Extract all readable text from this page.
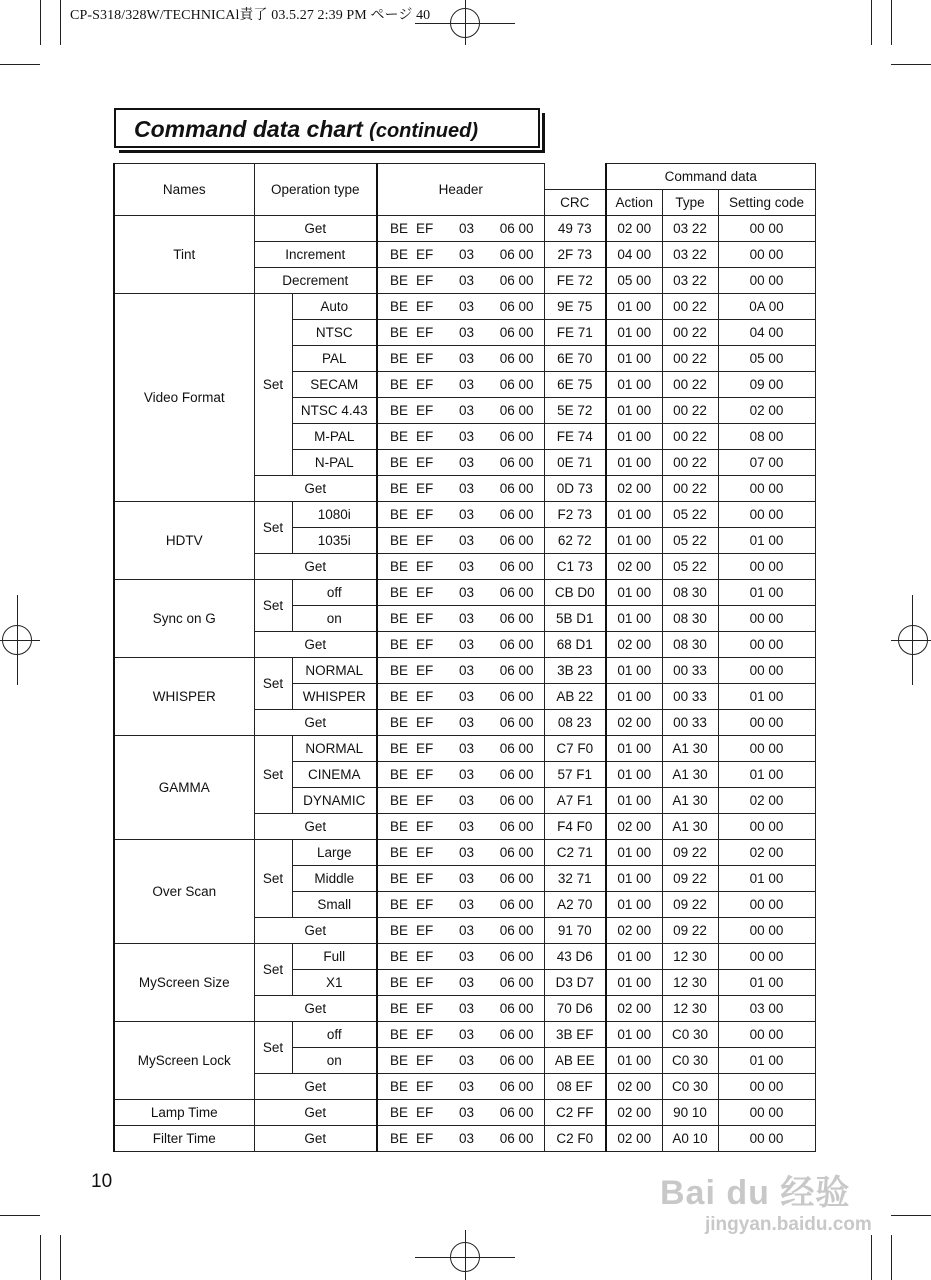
CP-S318/328W/TECHNICAl責了 03.5.27 2:39 PM ページ 40
Command data chart (continued)
Names	Operation type		Header		Command data		
				CRC	Action	Type	Setting code
Tint	Get		BE EF 03 06 00	49 73	02 00	03 22	00 00
	Increment		BE EF 03 06 00	2F 73	04 00	03 22	00 00
	Decrement		BE EF 03 06 00	FE 72	05 00	03 22	00 00
Video Format	Set	Auto	BE EF 03 06 00	9E 75	01 00	00 22	0A 00
		NTSC	BE EF 03 06 00	FE 71	01 00	00 22	04 00
		PAL	BE EF 03 06 00	6E 70	01 00	00 22	05 00
		SECAM	BE EF 03 06 00	6E 75	01 00	00 22	09 00
		NTSC 4.43	BE EF 03 06 00	5E 72	01 00	00 22	02 00
		M-PAL	BE EF 03 06 00	FE 74	01 00	00 22	08 00
		N-PAL	BE EF 03 06 00	0E 71	01 00	00 22	07 00
	Get		BE EF 03 06 00	0D 73	02 00	00 22	00 00
HDTV	Set	1080i	BE EF 03 06 00	F2 73	01 00	05 22	00 00
		1035i	BE EF 03 06 00	62 72	01 00	05 22	01 00
	Get		BE EF 03 06 00	C1 73	02 00	05 22	00 00
Sync on G	Set	off	BE EF 03 06 00	CB D0	01 00	08 30	01 00
		on	BE EF 03 06 00	5B D1	01 00	08 30	00 00
	Get		BE EF 03 06 00	68 D1	02 00	08 30	00 00
WHISPER	Set	NORMAL	BE EF 03 06 00	3B 23	01 00	00 33	00 00
		WHISPER	BE EF 03 06 00	AB 22	01 00	00 33	01 00
	Get		BE EF 03 06 00	08 23	02 00	00 33	00 00
GAMMA	Set	NORMAL	BE EF 03 06 00	C7 F0	01 00	A1 30	00 00
		CINEMA	BE EF 03 06 00	57 F1	01 00	A1 30	01 00
		DYNAMIC	BE EF 03 06 00	A7 F1	01 00	A1 30	02 00
	Get		BE EF 03 06 00	F4 F0	02 00	A1 30	00 00
Over Scan	Set	Large	BE EF 03 06 00	C2 71	01 00	09 22	02 00
		Middle	BE EF 03 06 00	32 71	01 00	09 22	01 00
		Small	BE EF 03 06 00	A2 70	01 00	09 22	00 00
	Get		BE EF 03 06 00	91 70	02 00	09 22	00 00
MyScreen Size	Set	Full	BE EF 03 06 00	43 D6	01 00	12 30	00 00
		X1	BE EF 03 06 00	D3 D7	01 00	12 30	01 00
	Get		BE EF 03 06 00	70 D6	02 00	12 30	03 00
MyScreen Lock	Set	off	BE EF 03 06 00	3B EF	01 00	C0 30	00 00
		on	BE EF 03 06 00	AB EE	01 00	C0 30	01 00
	Get		BE EF 03 06 00	08 EF	02 00	C0 30	00 00
Lamp Time	Get		BE EF 03 06 00	C2 FF	02 00	90 10	00 00
Filter Time	Get		BE EF 03 06 00	C2 F0	02 00	A0 10	00 00
10	Bai du 经验
jingyan.baidu.com
